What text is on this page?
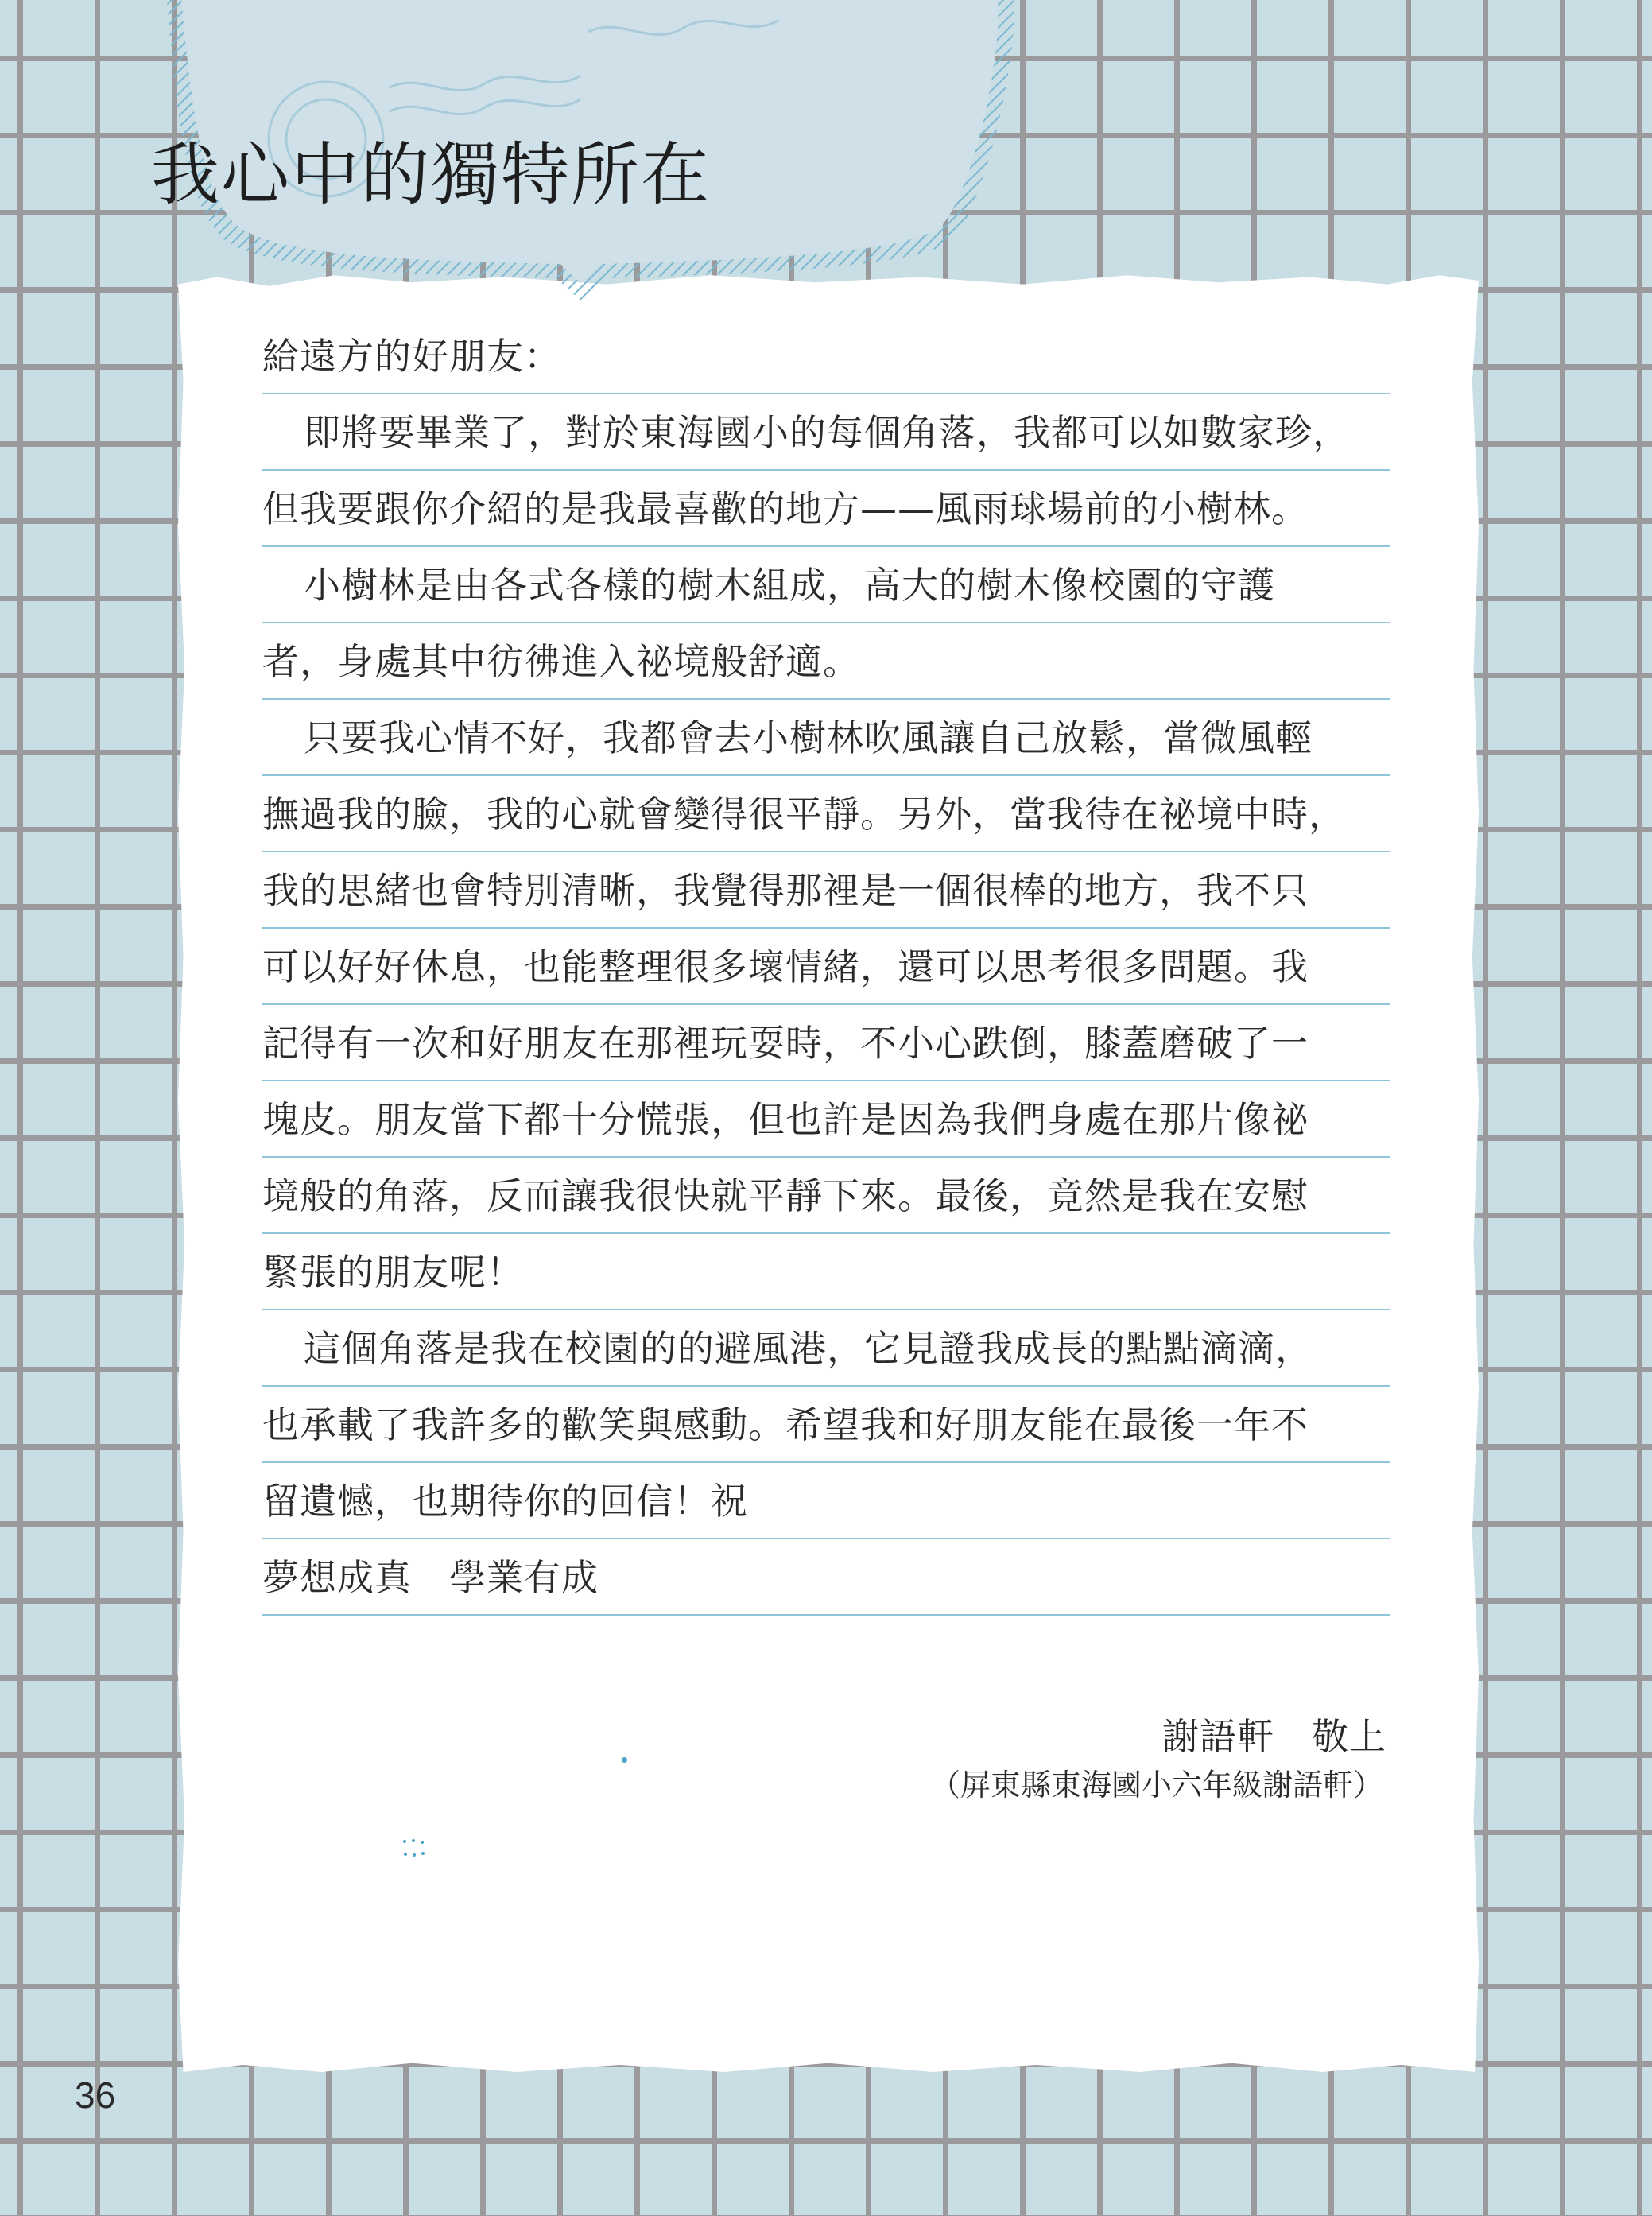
我心中的獨特所在
給遠方的好朋友：
即將要畢業了，對於東海國小的每個角落，我都可以如數家珍，
但我要跟你介紹的是我最喜歡的地方——風雨球場前的小樹林。
小樹林是由各式各樣的樹木組成，高大的樹木像校園的守護
者，身處其中彷彿進入祕境般舒適。
只要我心情不好，我都會去小樹林吹風讓自己放鬆，當微風輕
撫過我的臉，我的心就會變得很平靜。另外，當我待在祕境中時，
我的思緒也會特別清晰，我覺得那裡是一個很棒的地方，我不只
可以好好休息，也能整理很多壞情緒，還可以思考很多問題。我
記得有一次和好朋友在那裡玩耍時，不小心跌倒，膝蓋磨破了一
塊皮。朋友當下都十分慌張，但也許是因為我們身處在那片像祕
境般的角落，反而讓我很快就平靜下來。最後，竟然是我在安慰
緊張的朋友呢！
這個角落是我在校園的的避風港，它見證我成長的點點滴滴，
也承載了我許多的歡笑與感動。希望我和好朋友能在最後一年不
留遺憾，也期待你的回信！祝
夢想成真　學業有成
謝語軒　敬上
（屏東縣東海國小六年級謝語軒）
36
